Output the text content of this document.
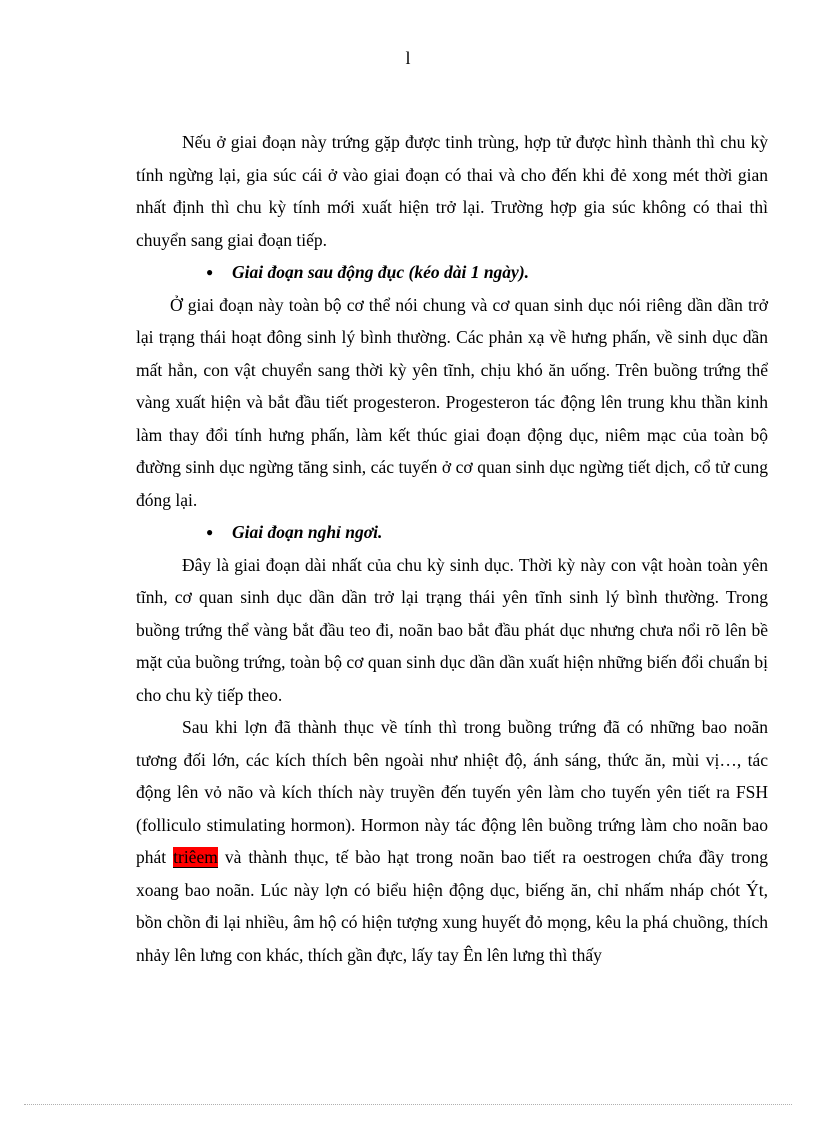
l

Nếu ở giai đoạn này trứng gặp được tinh trùng, hợp tử được hình thành thì chu kỳ tính ngừng lại, gia súc cái ở vào giai đoạn có thai và cho đến khi đẻ xong mét thời gian nhất định thì chu kỳ tính mới xuất hiện trở lại. Trường hợp gia súc không có thai thì chuyển sang giai đoạn tiếp.

● Giai đoạn sau động đục (kéo dài 1 ngày).

Ở giai đoạn này toàn bộ cơ thể nói chung và cơ quan sinh dục nói riêng dần dần trở lại trạng thái hoạt đông sinh lý bình thường. Các phản xạ về hưng phấn, về sinh dục dần mất hẳn, con vật chuyển sang thời kỳ yên tĩnh, chịu khó ăn uống. Trên buồng trứng thể vàng xuất hiện và bắt đầu tiết progesteron. Progesteron tác động lên trung khu thần kinh làm thay đổi tính hưng phấn, làm kết thúc giai đoạn động dục, niêm mạc của toàn bộ đường sinh dục ngừng tăng sinh, các tuyến ở cơ quan sinh dục ngừng tiết dịch, cổ tử cung đóng lại.

● Giai đoạn nghỉ ngơi.

Đây là giai đoạn dài nhất của chu kỳ sinh dục. Thời kỳ này con vật hoàn toàn yên tĩnh, cơ quan sinh dục dần dần trở lại trạng thái yên tĩnh sinh lý bình thường. Trong buồng trứng thể vàng bắt đầu teo đi, noãn bao bắt đầu phát dục nhưng chưa nổi rõ lên bề mặt của buồng trứng, toàn bộ cơ quan sinh dục dần dần xuất hiện những biến đổi chuẩn bị cho chu kỳ tiếp theo.

Sau khi lợn đã thành thục về tính thì trong buồng trứng đã có những bao noãn tương đối lớn, các kích thích bên ngoài như nhiệt độ, ánh sáng, thức ăn, mùi vị…, tác động lên vỏ não và kích thích này truyền đến tuyến yên làm cho tuyến yên tiết ra FSH (folliculo stimulating hormon). Hormon này tác động lên buồng trứng làm cho noãn bao phát triêem và thành thục, tế bào hạt trong noãn bao tiết ra oestrogen chứa đầy trong xoang bao noãn. Lúc này lợn có biểu hiện động dục, biếng ăn, chỉ nhấm nháp chót Ýt, bồn chồn đi lại nhiều, âm hộ có hiện tượng xung huyết đỏ mọng, kêu la phá chuồng, thích nhảy lên lưng con khác, thích gần đực, lấy tay Ên lên lưng thì thấy
